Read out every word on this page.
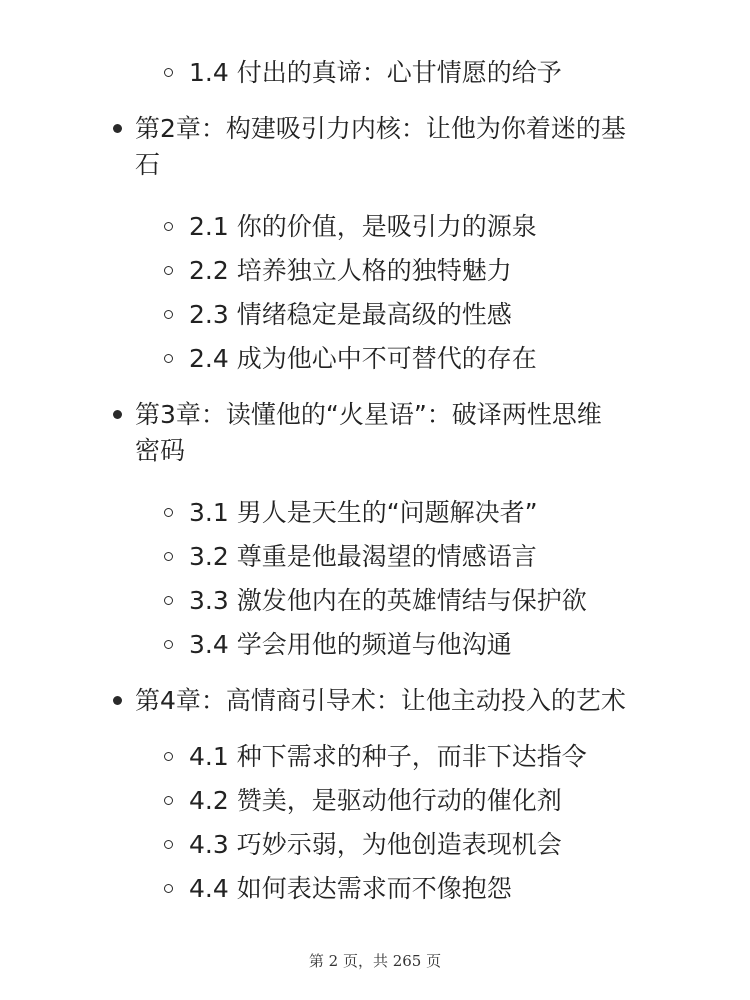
1.4 付出的真谛：心甘情愿的给予
第2章：构建吸引力内核：让他为你着迷的基
石
2.1 你的价值，是吸引力的源泉
2.2 培养独立人格的独特魅力
2.3 情绪稳定是最高级的性感
2.4 成为他心中不可替代的存在
第3章：读懂他的“火星语”：破译两性思维
密码
3.1 男人是天生的“问题解决者”
3.2 尊重是他最渴望的情感语言
3.3 激发他内在的英雄情结与保护欲
3.4 学会用他的频道与他沟通
第4章：高情商引导术：让他主动投入的艺术
4.1 种下需求的种子，而非下达指令
4.2 赞美，是驱动他行动的催化剂
4.3 巧妙示弱，为他创造表现机会
4.4 如何表达需求而不像抱怨
第 2 页，共 265 页
